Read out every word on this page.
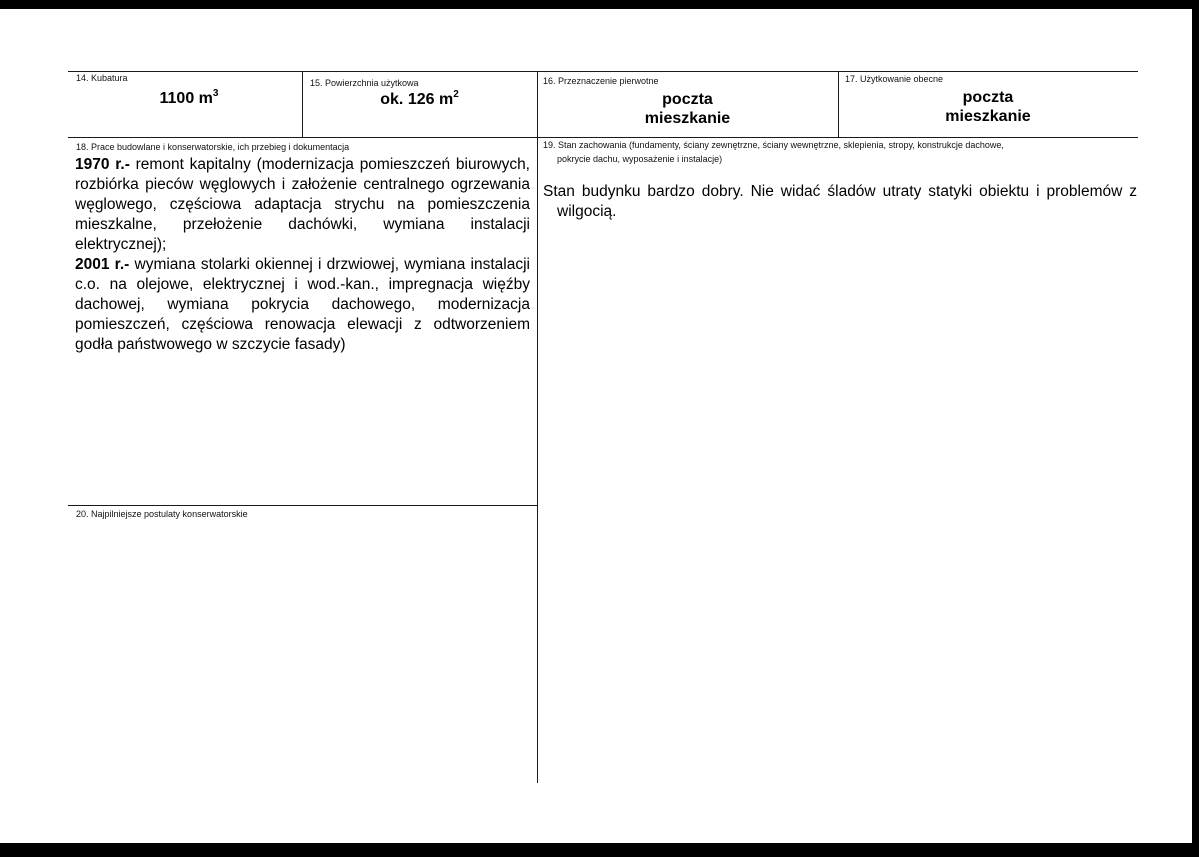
14. Kubatura
1100 $m^3$
15. Powierzchnia użytkowa
ok. 126 $m^2$
16. Przeznaczenie pierwotne
poczta
mieszkanie
17. Użytkowanie obecne
poczta
mieszkanie
18. Prace budowlane i konserwatorskie, ich przebieg i dokumentacja
1970 r.- remont kapitalny (modernizacja pomieszczeń biurowych, rozbiórka pieców węglowych i założenie centralnego ogrzewania węglowego, częściowa adaptacja strychu na pomieszczenia mieszkalne, przełożenie dachówki, wymiana instalacji elektrycznej);
2001 r.- wymiana stolarki okiennej i drzwiowej, wymiana instalacji c.o. na olejowe, elektrycznej i wod.-kan., impregnacja więźby dachowej, wymiana pokrycia dachowego, modernizacja pomieszczeń, częściowa renowacja elewacji z odtworzeniem godła państwowego w szczycie fasady)
19. Stan zachowania (fundamenty, ściany zewnętrzne, ściany wewnętrzne, sklepienia, stropy, konstrukcje dachowe,
pokrycie dachu, wyposażenie i instalacje)
Stan budynku bardzo dobry. Nie widać śladów utraty statyki obiektu i problemów z wilgocią.
20. Najpilniejsze postulaty konserwatorskie
